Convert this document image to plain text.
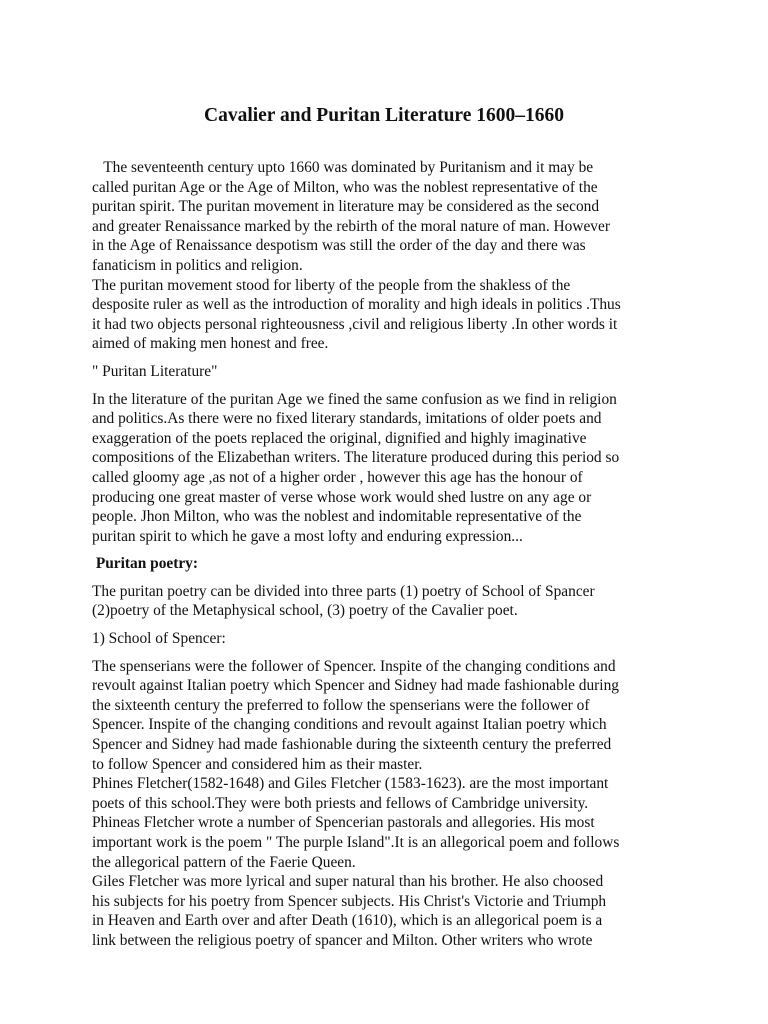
Cavalier and Puritan Literature 1600–1660

The seventeenth century upto 1660 was dominated by Puritanism and it may be

called puritan Age or the Age of Milton, who was the noblest representative of the

puritan spirit. The puritan movement in literature may be considered as the second

and greater Renaissance marked by the rebirth of the moral nature of man. However

in the Age of Renaissance despotism was still the order of the day and there was

fanaticism in politics and religion.

The puritan movement stood for liberty of the people from the shakless of the

desposite ruler as well as the introduction of morality and high ideals in politics .Thus

it had two objects personal righteousness ,civil and religious liberty .In other words it

aimed of making men honest and free.

" Puritan Literature"

In the literature of the puritan Age we fined the same confusion as we find in religion

and politics.As there were no fixed literary standards, imitations of older poets and

exaggeration of the poets replaced the original, dignified and highly imaginative

compositions of the Elizabethan writers. The literature produced during this period so

called gloomy age ,as not of a higher order , however this age has the honour of

producing one great master of verse whose work would shed lustre on any age or

people. Jhon Milton, who was the noblest and indomitable representative of the

puritan spirit to which he gave a most lofty and enduring expression...

Puritan poetry:

The puritan poetry can be divided into three parts (1) poetry of School of Spancer

(2)poetry of the Metaphysical school, (3) poetry of the Cavalier poet.

1) School of Spencer:

The spenserians were the follower of Spencer. Inspite of the changing conditions and

revoult against Italian poetry which Spencer and Sidney had made fashionable during

the sixteenth century the preferred to follow the spenserians were the follower of

Spencer. Inspite of the changing conditions and revoult against Italian poetry which

Spencer and Sidney had made fashionable during the sixteenth century the preferred

to follow Spencer and considered him as their master.

Phines Fletcher(1582-1648) and Giles Fletcher (1583-1623). are the most important

poets of this school.They were both priests and fellows of Cambridge university.

Phineas Fletcher wrote a number of Spencerian pastorals and allegories. His most

important work is the poem " The purple Island".It is an allegorical poem and follows

the allegorical pattern of the Faerie Queen.

Giles Fletcher was more lyrical and super natural than his brother. He also choosed

his subjects for his poetry from Spencer subjects. His Christ's Victorie and Triumph

in Heaven and Earth over and after Death (1610), which is an allegorical poem is a

link between the religious poetry of spancer and Milton. Other writers who wrote
